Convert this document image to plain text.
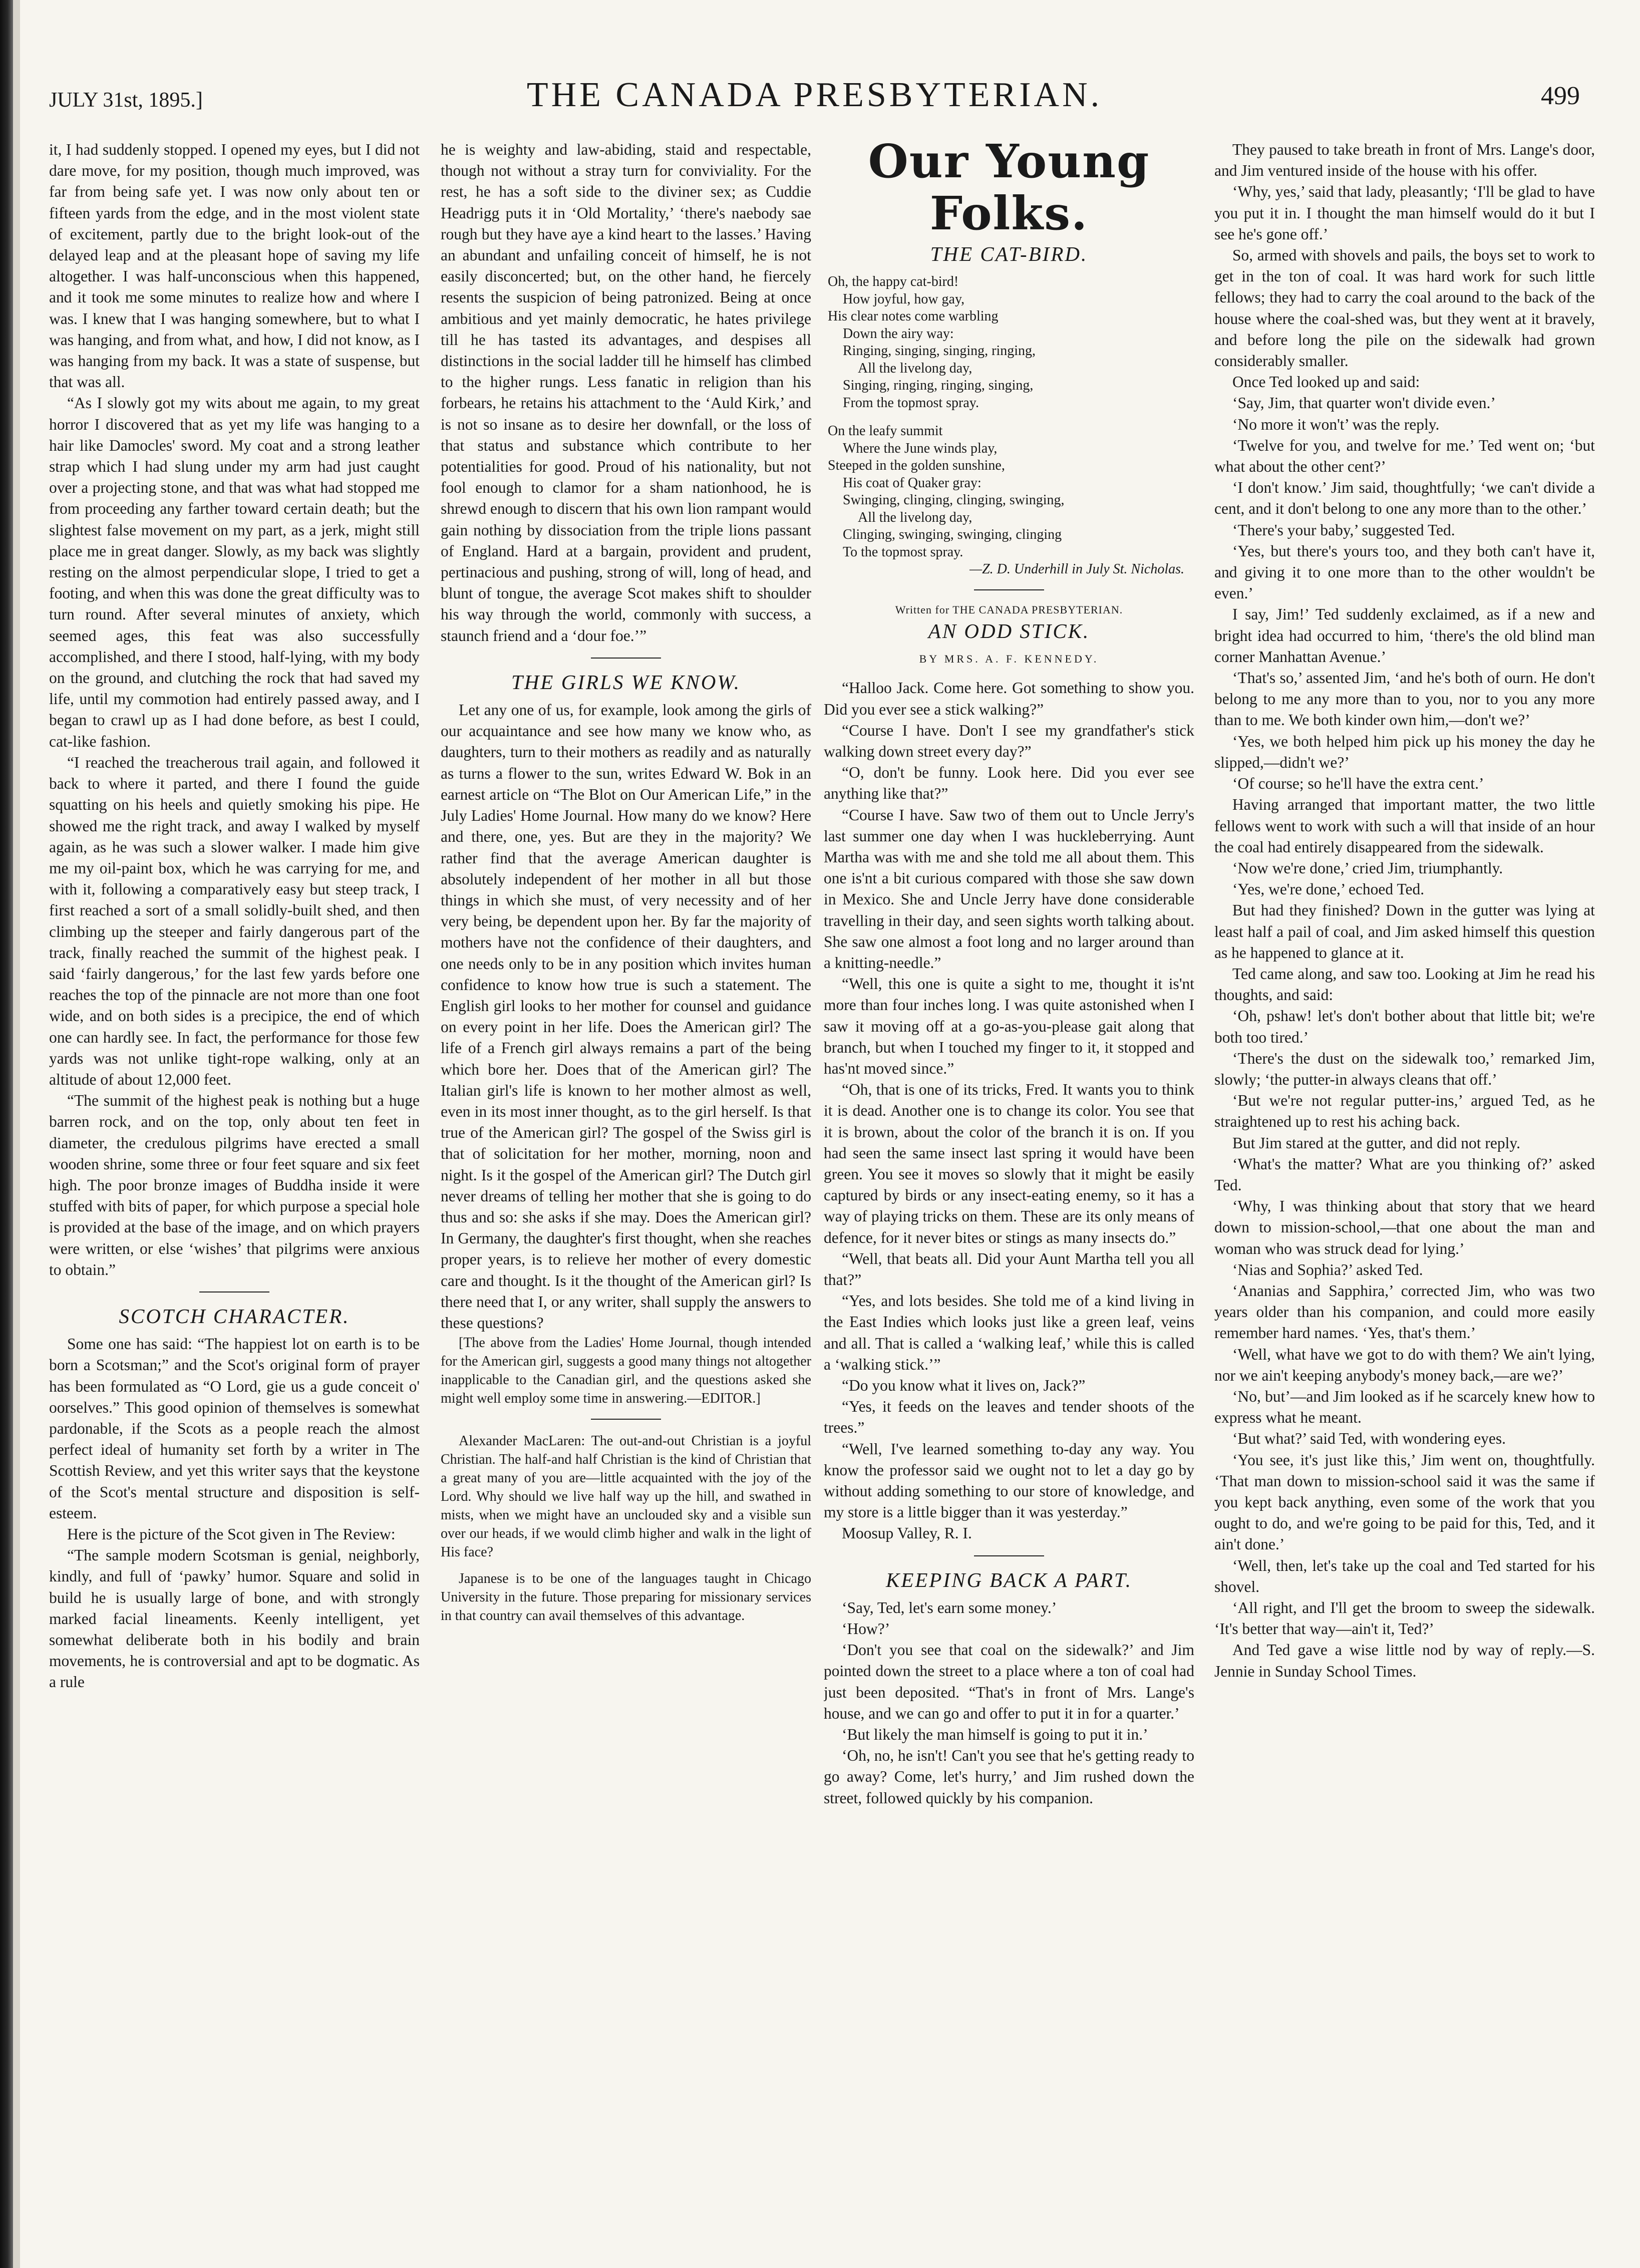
JULY 31st, 1895.]	THE CANADA PRESBYTERIAN.	499

it, I had suddenly stopped. I opened my eyes, but I did not dare move, for my position, though much improved, was far from being safe yet. I was now only about ten or fifteen yards from the edge, and in the most violent state of excitement, partly due to the bright look-out of the delayed leap and at the pleasant hope of saving my life altogether. I was half-unconscious when this happened, and it took me some minutes to realize how and where I was. I knew that I was hanging somewhere, but to what I was hanging, and from what, and how, I did not know, as I was hanging from my back. It was a state of suspense, but that was all.

“As I slowly got my wits about me again, to my great horror I discovered that as yet my life was hanging to a hair like Damocles' sword. My coat and a strong leather strap which I had slung under my arm had just caught over a projecting stone, and that was what had stopped me from proceeding any farther toward certain death; but the slightest false movement on my part, as a jerk, might still place me in great danger. Slowly, as my back was slightly resting on the almost perpendicular slope, I tried to get a footing, and when this was done the great difficulty was to turn round. After several minutes of anxiety, which seemed ages, this feat was also successfully accomplished, and there I stood, half-lying, with my body on the ground, and clutching the rock that had saved my life, until my commotion had entirely passed away, and I began to crawl up as I had done before, as best I could, cat-like fashion.

“I reached the treacherous trail again, and followed it back to where it parted, and there I found the guide squatting on his heels and quietly smoking his pipe. He showed me the right track, and away I walked by myself again, as he was such a slower walker. I made him give me my oil-paint box, which he was carrying for me, and with it, following a comparatively easy but steep track, I first reached a sort of a small solidly-built shed, and then climbing up the steeper and fairly dangerous part of the track, finally reached the summit of the highest peak. I said ‘fairly dangerous,’ for the last few yards before one reaches the top of the pinnacle are not more than one foot wide, and on both sides is a precipice, the end of which one can hardly see. In fact, the performance for those few yards was not unlike tight-rope walking, only at an altitude of about 12,000 feet.

“The summit of the highest peak is nothing but a huge barren rock, and on the top, only about ten feet in diameter, the credulous pilgrims have erected a small wooden shrine, some three or four feet square and six feet high. The poor bronze images of Buddha inside it were stuffed with bits of paper, for which purpose a special hole is provided at the base of the image, and on which prayers were written, or else ‘wishes’ that pilgrims were anxious to obtain.”

SCOTCH CHARACTER.

Some one has said: “The happiest lot on earth is to be born a Scotsman;” and the Scot's original form of prayer has been formulated as “O Lord, gie us a gude conceit o' oorselves.” This good opinion of themselves is somewhat pardonable, if the Scots as a people reach the almost perfect ideal of humanity set forth by a writer in The Scottish Review, and yet this writer says that the keystone of the Scot's mental structure and disposition is self-esteem.

Here is the picture of the Scot given in The Review:

“The sample modern Scotsman is genial, neighborly, kindly, and full of ‘pawky’ humor. Square and solid in build he is usually large of bone, and with strongly marked facial lineaments. Keenly intelligent, yet somewhat deliberate both in his bodily and brain movements, he is controversial and apt to be dogmatic. As a rule

he is weighty and law-abiding, staid and respectable, though not without a stray turn for conviviality. For the rest, he has a soft side to the diviner sex; as Cuddie Headrigg puts it in ‘Old Mortality,’ ‘there's naebody sae rough but they have aye a kind heart to the lasses.’ Having an abundant and unfailing conceit of himself, he is not easily disconcerted; but, on the other hand, he fiercely resents the suspicion of being patronized. Being at once ambitious and yet mainly democratic, he hates privilege till he has tasted its advantages, and despises all distinctions in the social ladder till he himself has climbed to the higher rungs. Less fanatic in religion than his forbears, he retains his attachment to the ‘Auld Kirk,’ and is not so insane as to desire her downfall, or the loss of that status and substance which contribute to her potentialities for good. Proud of his nationality, but not fool enough to clamor for a sham nationhood, he is shrewd enough to discern that his own lion rampant would gain nothing by dissociation from the triple lions passant of England. Hard at a bargain, provident and prudent, pertinacious and pushing, strong of will, long of head, and blunt of tongue, the average Scot makes shift to shoulder his way through the world, commonly with success, a staunch friend and a ‘dour foe.’”

THE GIRLS WE KNOW.

Let any one of us, for example, look among the girls of our acquaintance and see how many we know who, as daughters, turn to their mothers as readily and as naturally as turns a flower to the sun, writes Edward W. Bok in an earnest article on “The Blot on Our American Life,” in the July Ladies' Home Journal. How many do we know? Here and there, one, yes. But are they in the majority? We rather find that the average American daughter is absolutely independent of her mother in all but those things in which she must, of very necessity and of her very being, be dependent upon her. By far the majority of mothers have not the confidence of their daughters, and one needs only to be in any position which invites human confidence to know how true is such a statement. The English girl looks to her mother for counsel and guidance on every point in her life. Does the American girl? The life of a French girl always remains a part of the being which bore her. Does that of the American girl? The Italian girl's life is known to her mother almost as well, even in its most inner thought, as to the girl herself. Is that true of the American girl? The gospel of the Swiss girl is that of solicitation for her mother, morning, noon and night. Is it the gospel of the American girl? The Dutch girl never dreams of telling her mother that she is going to do thus and so: she asks if she may. Does the American girl? In Germany, the daughter's first thought, when she reaches proper years, is to relieve her mother of every domestic care and thought. Is it the thought of the American girl? Is there need that I, or any writer, shall supply the answers to these questions?

[The above from the Ladies' Home Journal, though intended for the American girl, suggests a good many things not altogether inapplicable to the Canadian girl, and the questions asked she might well employ some time in answering.—EDITOR.]

Alexander MacLaren: The out-and-out Christian is a joyful Christian. The half-and half Christian is the kind of Christian that a great many of you are—little acquainted with the joy of the Lord. Why should we live half way up the hill, and swathed in mists, when we might have an unclouded sky and a visible sun over our heads, if we would climb higher and walk in the light of His face?

Japanese is to be one of the languages taught in Chicago University in the future. Those preparing for missionary services in that country can avail themselves of this advantage.

Our Young Folks.

THE CAT-BIRD.

Oh, the happy cat-bird!
How joyful, how gay,
His clear notes come warbling
Down the airy way:
Ringing, singing, singing, ringing,
All the livelong day,
Singing, ringing, ringing, singing,
From the topmost spray.
On the leafy summit
Where the June winds play,
Steeped in the golden sunshine,
His coat of Quaker gray:
Swinging, clinging, clinging, swinging,
All the livelong day,
Clinging, swinging, swinging, clinging
To the topmost spray.
—Z. D. Underhill in July St. Nicholas.

Written for THE CANADA PRESBYTERIAN.

AN ODD STICK.

BY MRS. A. F. KENNEDY.

“Halloo Jack. Come here. Got something to show you. Did you ever see a stick walking?”

“Course I have. Don't I see my grandfather's stick walking down street every day?”

“O, don't be funny. Look here. Did you ever see anything like that?”

“Course I have. Saw two of them out to Uncle Jerry's last summer one day when I was huckleberrying. Aunt Martha was with me and she told me all about them. This one is'nt a bit curious compared with those she saw down in Mexico. She and Uncle Jerry have done considerable travelling in their day, and seen sights worth talking about. She saw one almost a foot long and no larger around than a knitting-needle.”

“Well, this one is quite a sight to me, thought it is'nt more than four inches long. I was quite astonished when I saw it moving off at a go-as-you-please gait along that branch, but when I touched my finger to it, it stopped and has'nt moved since.”

“Oh, that is one of its tricks, Fred. It wants you to think it is dead. Another one is to change its color. You see that it is brown, about the color of the branch it is on. If you had seen the same insect last spring it would have been green. You see it moves so slowly that it might be easily captured by birds or any insect-eating enemy, so it has a way of playing tricks on them. These are its only means of defence, for it never bites or stings as many insects do.”

“Well, that beats all. Did your Aunt Martha tell you all that?”

“Yes, and lots besides. She told me of a kind living in the East Indies which looks just like a green leaf, veins and all. That is called a ‘walking leaf,’ while this is called a ‘walking stick.’”

“Do you know what it lives on, Jack?”

“Yes, it feeds on the leaves and tender shoots of the trees.”

“Well, I've learned something to-day any way. You know the professor said we ought not to let a day go by without adding something to our store of knowledge, and my store is a little bigger than it was yesterday.”

Moosup Valley, R. I.

KEEPING BACK A PART.

‘Say, Ted, let's earn some money.’

‘How?’

‘Don't you see that coal on the sidewalk?’ and Jim pointed down the street to a place where a ton of coal had just been deposited. “That's in front of Mrs. Lange's house, and we can go and offer to put it in for a quarter.’

‘But likely the man himself is going to put it in.’

‘Oh, no, he isn't! Can't you see that he's getting ready to go away? Come, let's hurry,’ and Jim rushed down the street, followed quickly by his companion.

They paused to take breath in front of Mrs. Lange's door, and Jim ventured inside of the house with his offer.

‘Why, yes,’ said that lady, pleasantly; ‘I'll be glad to have you put it in. I thought the man himself would do it but I see he's gone off.’

So, armed with shovels and pails, the boys set to work to get in the ton of coal. It was hard work for such little fellows; they had to carry the coal around to the back of the house where the coal-shed was, but they went at it bravely, and before long the pile on the sidewalk had grown considerably smaller.

Once Ted looked up and said:

‘Say, Jim, that quarter won't divide even.’

‘No more it won't’ was the reply.

‘Twelve for you, and twelve for me.’ Ted went on; ‘but what about the other cent?’

‘I don't know.’ Jim said, thoughtfully; ‘we can't divide a cent, and it don't belong to one any more than to the other.’

‘There's your baby,’ suggested Ted.

‘Yes, but there's yours too, and they both can't have it, and giving it to one more than to the other wouldn't be even.’

I say, Jim!’ Ted suddenly exclaimed, as if a new and bright idea had occurred to him, ‘there's the old blind man corner Manhattan Avenue.’

‘That's so,’ assented Jim, ‘and he's both of ourn. He don't belong to me any more than to you, nor to you any more than to me. We both kinder own him,—don't we?’

‘Yes, we both helped him pick up his money the day he slipped,—didn't we?’

‘Of course; so he'll have the extra cent.’

Having arranged that important matter, the two little fellows went to work with such a will that inside of an hour the coal had entirely disappeared from the sidewalk.

‘Now we're done,’ cried Jim, triumphantly.

‘Yes, we're done,’ echoed Ted.

But had they finished? Down in the gutter was lying at least half a pail of coal, and Jim asked himself this question as he happened to glance at it.

Ted came along, and saw too. Looking at Jim he read his thoughts, and said:

‘Oh, pshaw! let's don't bother about that little bit; we're both too tired.’

‘There's the dust on the sidewalk too,’ remarked Jim, slowly; ‘the putter-in always cleans that off.’

‘But we're not regular putter-ins,’ argued Ted, as he straightened up to rest his aching back.

But Jim stared at the gutter, and did not reply.

‘What's the matter? What are you thinking of?’ asked Ted.

‘Why, I was thinking about that story that we heard down to mission-school,—that one about the man and woman who was struck dead for lying.’

‘Nias and Sophia?’ asked Ted.

‘Ananias and Sapphira,’ corrected Jim, who was two years older than his companion, and could more easily remember hard names. ‘Yes, that's them.’

‘Well, what have we got to do with them? We ain't lying, nor we ain't keeping anybody's money back,—are we?’

‘No, but’—and Jim looked as if he scarcely knew how to express what he meant.

‘But what?’ said Ted, with wondering eyes.

‘You see, it's just like this,’ Jim went on, thoughtfully. ‘That man down to mission-school said it was the same if you kept back anything, even some of the work that you ought to do, and we're going to be paid for this, Ted, and it ain't done.’

‘Well, then, let's take up the coal and Ted started for his shovel.

‘All right, and I'll get the broom to sweep the sidewalk. ‘It's better that way—ain't it, Ted?’

And Ted gave a wise little nod by way of reply.—S. Jennie in Sunday School Times.
